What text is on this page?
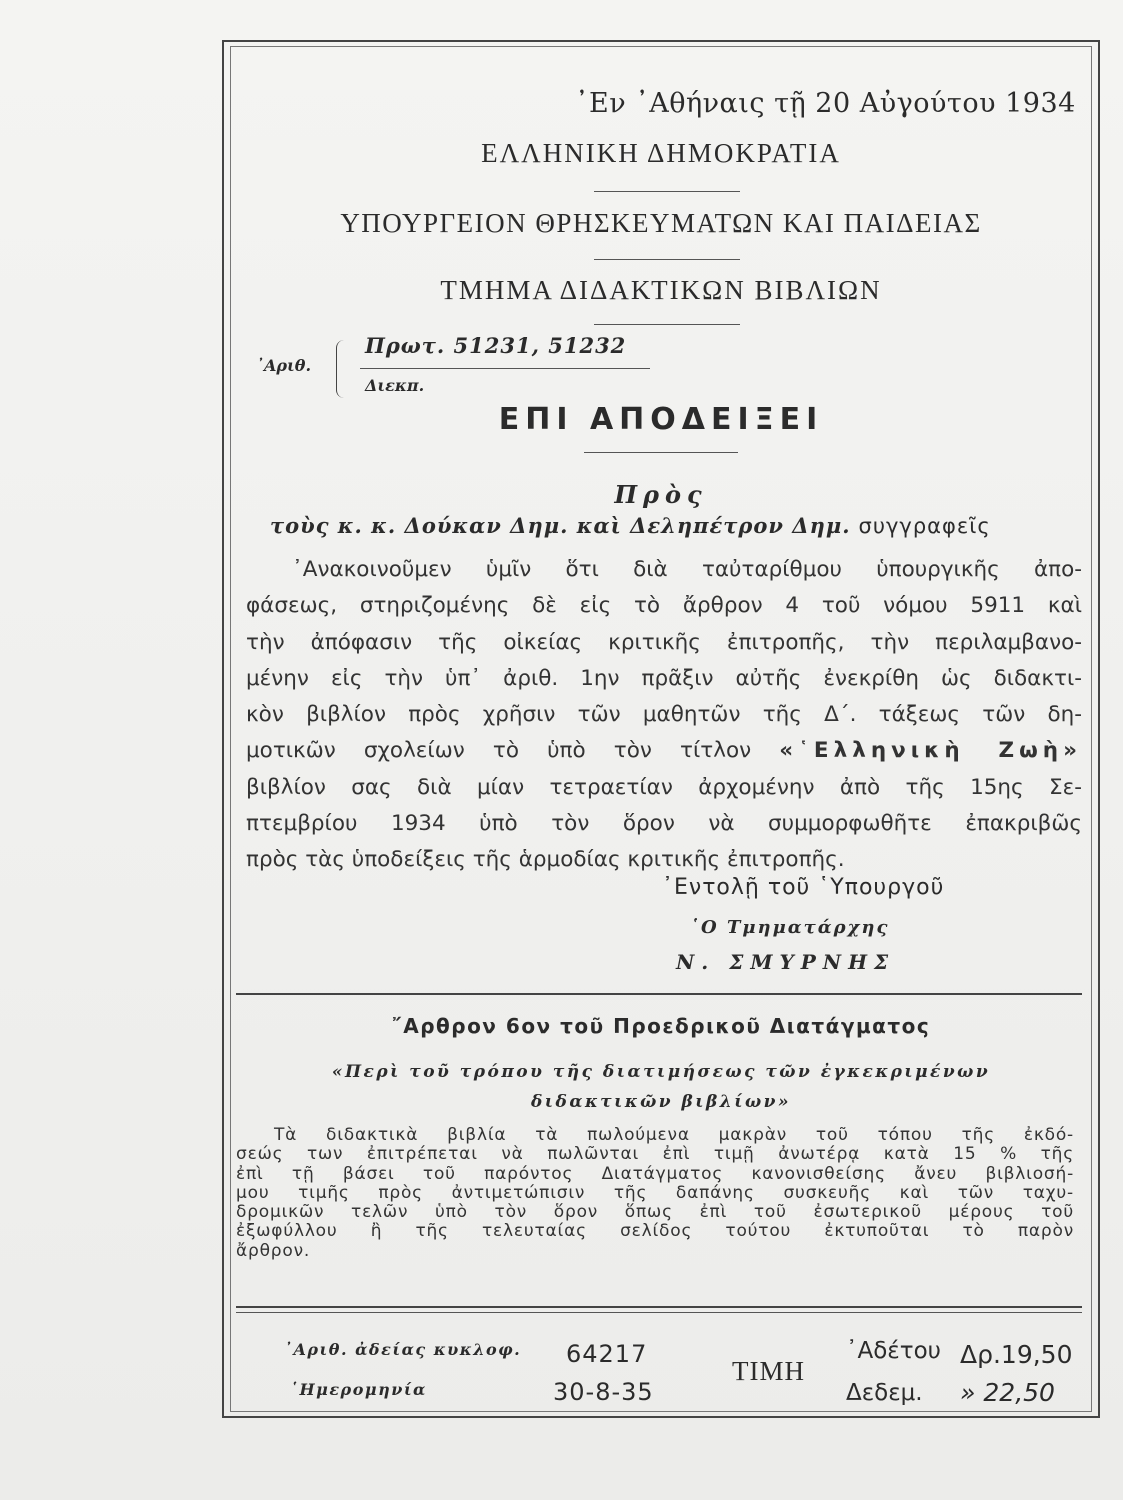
᾽Εν ᾽Αθήναις τῇ 20 Αὐγούτου 1934
ΕΛΛΗΝΙΚΗ ΔΗΜΟΚΡΑΤΙΑ
ΥΠΟΥΡΓΕΙΟΝ ΘΡΗΣΚΕΥΜΑΤΩΝ ΚΑΙ ΠΑΙΔΕΙΑΣ
ΤΜΗΜΑ ΔΙΔΑΚΤΙΚΩΝ ΒΙΒΛΙΩΝ
᾽Αριθ.
Πρωτ. 51231, 51232
Διεκπ.
ΕΠΙ ΑΠΟΔΕΙΞΕΙ
Πρὸς
τοὺς κ. κ. Δούκαν Δημ. καὶ Δεληπέτρον Δημ. συγγραφεῖς
᾽Ανακοινοῦμεν ὑμῖν ὅτι διὰ ταὐταρίθμου ὑπουργικῆς ἀπο-
φάσεως, στηριζομένης δὲ εἰς τὸ ἄρθρον 4 τοῦ νόμου 5911 καὶ
τὴν ἀπόφασιν τῆς οἰκείας κριτικῆς ἐπιτροπῆς, τὴν περιλαμβανο-
μένην εἰς τὴν ὑπ᾽ ἀριθ. 1ην πρᾶξιν αὐτῆς ἐνεκρίθη ὡς διδακτι-
κὸν βιβλίον πρὸς χρῆσιν τῶν μαθητῶν τῆς Δ΄. τάξεως τῶν δη-
μοτικῶν σχολείων τὸ ὑπὸ τὸν τίτλον «῾Ελληνικὴ Ζωὴ»
βιβλίον σας διὰ μίαν τετραετίαν ἀρχομένην ἀπὸ τῆς 15ης Σε-
πτεμβρίου 1934 ὑπὸ τὸν ὅρον νὰ συμμορφωθῆτε ἐπακριβῶς
πρὸς τὰς ὑποδείξεις τῆς ἁρμοδίας κριτικῆς ἐπιτροπῆς.
᾽Εντολῇ τοῦ ῾Υπουργοῦ
῾Ο Τμηματάρχης
Ν. ΣΜΥΡΝΗΣ
῎Αρθρον 6ον τοῦ Προεδρικοῦ Διατάγματος
«Περὶ τοῦ τρόπου τῆς διατιμήσεως τῶν ἐγκεκριμένων
διδακτικῶν βιβλίων»
Τὰ διδακτικὰ βιβλία τὰ πωλούμενα μακρὰν τοῦ τόπου τῆς ἐκδό-
σεώς των ἐπιτρέπεται νὰ πωλῶνται ἐπὶ τιμῇ ἀνωτέρᾳ κατὰ 15 % τῆς
ἐπὶ τῇ βάσει τοῦ παρόντος Διατάγματος κανονισθείσης ἄνευ βιβλιοσή-
μου τιμῆς πρὸς ἀντιμετώπισιν τῆς δαπάνης συσκευῆς καὶ τῶν ταχυ-
δρομικῶν τελῶν ὑπὸ τὸν ὅρον ὅπως ἐπὶ τοῦ ἐσωτερικοῦ μέρους τοῦ
ἐξωφύλλου ἢ τῆς τελευταίας σελίδος τούτου ἐκτυποῦται τὸ παρὸν
ἄρθρον.
᾽Αριθ. ἀδείας κυκλοφ. 64217
῾Ημερομηνία	30-8-35
ΤΙΜΗ
᾽Αδέτου Δρ.19,50
Δεδεμ. » 22,50
